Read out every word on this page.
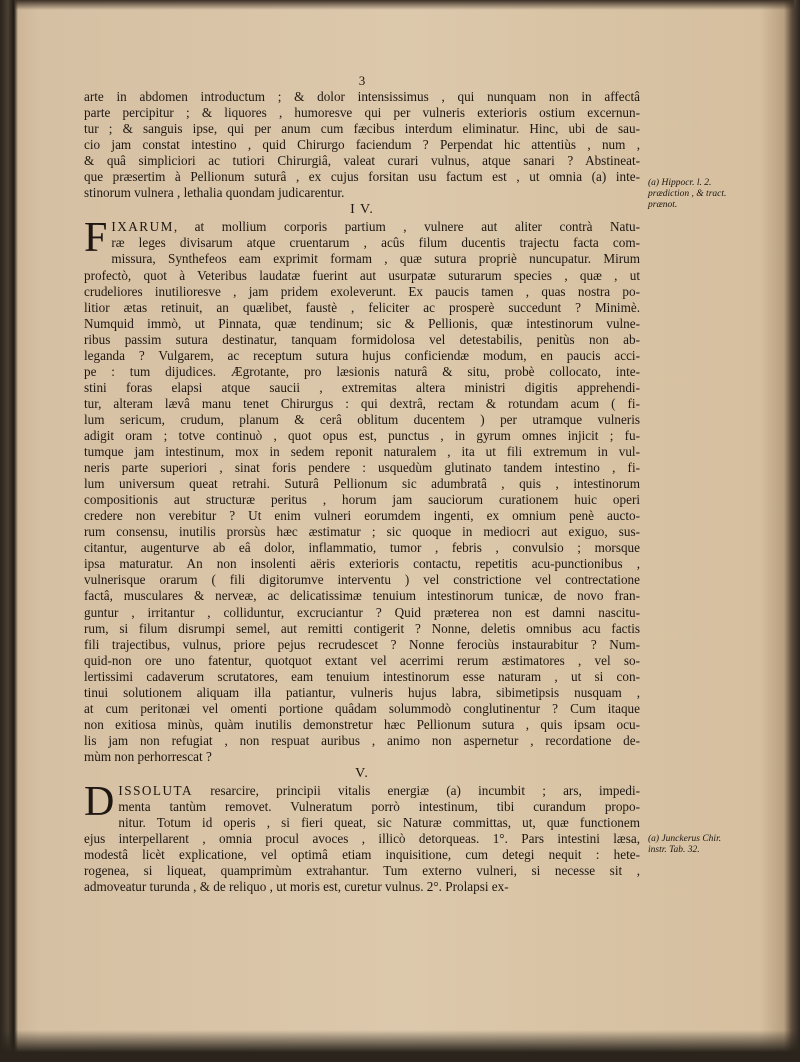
3

arte in abdomen introductum ; & dolor intensissimus , qui nunquam non in affectâ

parte percipitur ; & liquores , humoresve qui per vulneris exterioris ostium excernun-

tur ; & sanguis ipse, qui per anum cum fæcibus interdum eliminatur. Hinc, ubi de sau-

cio jam constat intestino , quid Chirurgo faciendum ? Perpendat hic attentiùs , num ,

& quâ simpliciori ac tutiori Chirurgiâ, valeat curari vulnus, atque sanari ? Abstineat-

que præsertim à Pellionum suturâ , ex cujus forsitan usu factum est , ut omnia (a) inte-

stinorum vulnera , lethalia quondam judicarentur.

I V.
F IXARUM, at mollium corporis partium , vulnere aut aliter contrà Natu-

ræ leges divisarum atque cruentarum , acûs filum ducentis trajectu facta com-

missura, Synthefeos eam exprimit formam , quæ sutura propriè nuncupatur. Mirum

profectò, quot à Veteribus laudatæ fuerint aut usurpatæ suturarum species , quæ , ut

crudeliores inutilioresve , jam pridem exoleverunt. Ex paucis tamen , quas nostra po-

litior ætas retinuit, an quælibet, faustè , feliciter ac prosperè succedunt ? Minimè.

Numquid immò, ut Pinnata, quæ tendinum; sic & Pellionis, quæ intestinorum vulne-

ribus passim sutura destinatur, tanquam formidolosa vel detestabilis, penitùs non ab-

leganda ? Vulgarem, ac receptum sutura hujus conficiendæ modum, en paucis acci-

pe : tum dijudices. Ægrotante, pro læsionis naturâ & situ, probè collocato, inte-

stini foras elapsi atque saucii , extremitas altera ministri digitis apprehendi-

tur, alteram lævâ manu tenet Chirurgus : qui dextrâ, rectam & rotundam acum ( fi-

lum sericum, crudum, planum & cerâ oblitum ducentem ) per utramque vulneris

adigit oram ; totve continuò , quot opus est, punctus , in gyrum omnes injicit ; fu-

tumque jam intestinum, mox in sedem reponit naturalem , ita ut fili extremum in vul-

neris parte superiori , sinat foris pendere : usquedùm glutinato tandem intestino , fi-

lum universum queat retrahi. Suturâ Pellionum sic adumbratâ , quis , intestinorum

compositionis aut structuræ peritus , horum jam sauciorum curationem huic operi

credere non verebitur ? Ut enim vulneri eorumdem ingenti, ex omnium penè aucto-

rum consensu, inutilis prorsùs hæc æstimatur ; sic quoque in mediocri aut exiguo, sus-

citantur, augenturve ab eâ dolor, inflammatio, tumor , febris , convulsio ; morsque

ipsa maturatur. An non insolenti aëris exterioris contactu, repetitis acu-punctionibus ,

vulnerisque orarum ( fili digitorumve interventu ) vel constrictione vel contrectatione

factâ, musculares & nerveæ, ac delicatissimæ tenuium intestinorum tunicæ, de novo fran-

guntur , irritantur , colliduntur, excruciantur ? Quid præterea non est damni nascitu-

rum, si filum disrumpi semel, aut remitti contigerit ? Nonne, deletis omnibus acu factis

fili trajectibus, vulnus, priore pejus recrudescet ? Nonne ferociùs instaurabitur ? Num-

quid-non ore uno fatentur, quotquot extant vel acerrimi rerum æstimatores , vel so-

lertissimi cadaverum scrutatores, eam tenuium intestinorum esse naturam , ut si con-

tinui solutionem aliquam illa patiantur, vulneris hujus labra, sibimetipsis nusquam ,

at cum peritonæi vel omenti portione quâdam solummodò conglutinentur ? Cum itaque

non exitiosa minùs, quàm inutilis demonstretur hæc Pellionum sutura , quis ipsam ocu-

lis jam non refugiat , non respuat auribus , animo non aspernetur , recordatione de-

mùm non perhorrescat ?

V.
D ISSOLUTA resarcire, principii vitalis energiæ (a) incumbit ; ars, impedi-

menta tantùm removet. Vulneratum porrò intestinum, tibi curandum propo-

nitur. Totum id operis , si fieri queat, sic Naturæ committas, ut, quæ functionem

ejus interpellarent , omnia procul avoces , illicò detorqueas. 1°. Pars intestini læsa,

modestâ licèt explicatione, vel optimâ etiam inquisitione, cum detegi nequit : hete-

rogenea, si liqueat, quamprimùm extrahantur. Tum externo vulneri, si necesse sit ,

admoveatur turunda , & de reliquo , ut moris est, curetur vulnus. 2°. Prolapsi ex-

(a) Hippocr. l. 2. prædiction , & tract. prænot.
(a) Junckerus Chir. instr. Tab. 32.
